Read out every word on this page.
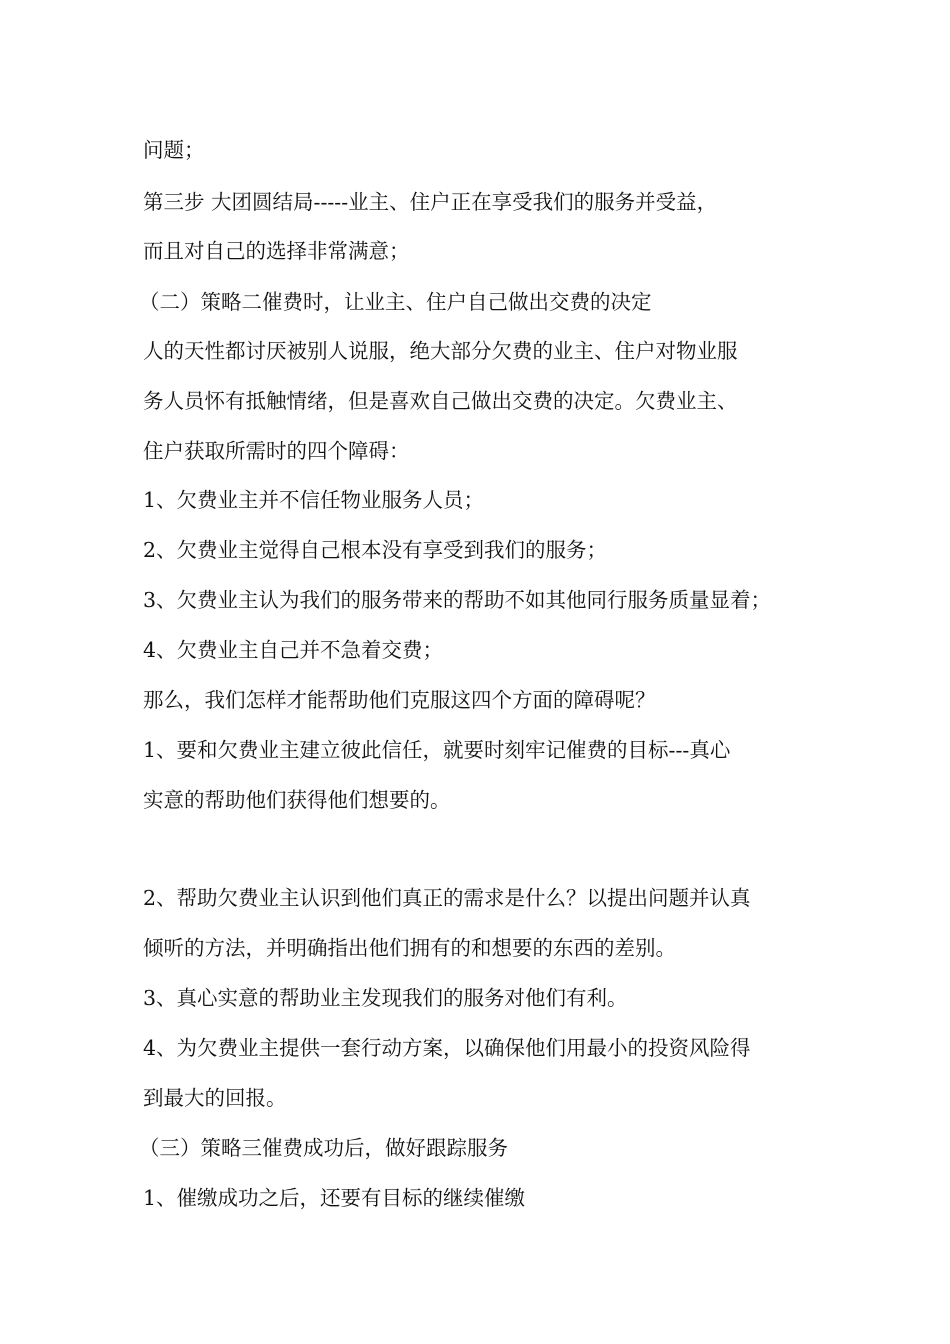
问题；
第三步 大团圆结局-----业主、住户正在享受我们的服务并受益，
而且对自己的选择非常满意；
（二）策略二催费时，让业主、住户自己做出交费的决定
人的天性都讨厌被别人说服，绝大部分欠费的业主、住户对物业服
务人员怀有抵触情绪，但是喜欢自己做出交费的决定。欠费业主、
住户获取所需时的四个障碍：
1、欠费业主并不信任物业服务人员；
2、欠费业主觉得自己根本没有享受到我们的服务；
3、欠费业主认为我们的服务带来的帮助不如其他同行服务质量显着；
4、欠费业主自己并不急着交费；
那么，我们怎样才能帮助他们克服这四个方面的障碍呢？
1、要和欠费业主建立彼此信任，就要时刻牢记催费的目标---真心
实意的帮助他们获得他们想要的。
2、帮助欠费业主认识到他们真正的需求是什么？以提出问题并认真
倾听的方法，并明确指出他们拥有的和想要的东西的差别。
3、真心实意的帮助业主发现我们的服务对他们有利。
4、为欠费业主提供一套行动方案，以确保他们用最小的投资风险得
到最大的回报。
（三）策略三催费成功后，做好跟踪服务
1、催缴成功之后，还要有目标的继续催缴
